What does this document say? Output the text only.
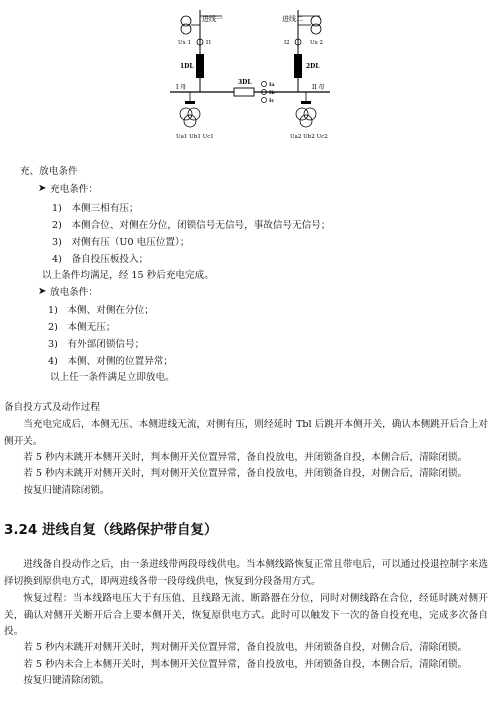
进线一
Ux 1	I1
1DL
进线二
Ux 2
I2
2DL
I 母	II 母
3DL	Ia
Ib
Ic
Ua1 Ub1 Uc1	Ua2 Ub2 Uc2
充、放电条件
➤ 充电条件：
1)　本侧三相有压；
2)　本侧合位、对侧在分位，闭锁信号无信号，事故信号无信号；
3)　对侧有压（U0 电压位置）；
4)　备自投压板投入；
以上条件均满足，经 15 秒后充电完成。
➤ 放电条件：
1)　本侧、对侧在分位；
2)　本侧无压；
3)　有外部闭锁信号；
4)　本侧、对侧的位置异常；
以上任一条件满足立即放电。
备自投方式及动作过程
当充电完成后，本侧无压、本侧进线无流，对侧有压，则经延时 Tbl 后跳开本侧开关，确认本侧跳开后合上对侧开关。
若 5 秒内未跳开本侧开关时，判本侧开关位置异常，备自投放电，并闭锁备自投，本侧合后，清除闭锁。
若 5 秒内未跳开对侧开关时，判对侧开关位置异常，备自投放电，并闭锁备自投，对侧合后，清除闭锁。
按复归键清除闭锁。
3.24 进线自复（线路保护带自复）
进线备自投动作之后，由一条进线带两段母线供电。当本侧线路恢复正常且带电后，可以通过投退控制字来选择切换到原供电方式，即两进线各带一段母线供电，恢复到分段备用方式。
恢复过程：当本线路电压大于有压值、且线路无流、断路器在分位，同时对侧线路在合位，经延时跳对侧开关，确认对侧开关断开后合上要本侧开关，恢复原供电方式。此时可以触发下一次的备自投充电，完成多次备自投。
若 5 秒内未跳开对侧开关时，判对侧开关位置异常，备自投放电，并闭锁备自投，对侧合后，清除闭锁。
若 5 秒内未合上本侧开关时，判本侧开关位置异常，备自投放电，并闭锁备自投，本侧合后，清除闭锁。
按复归键清除闭锁。
